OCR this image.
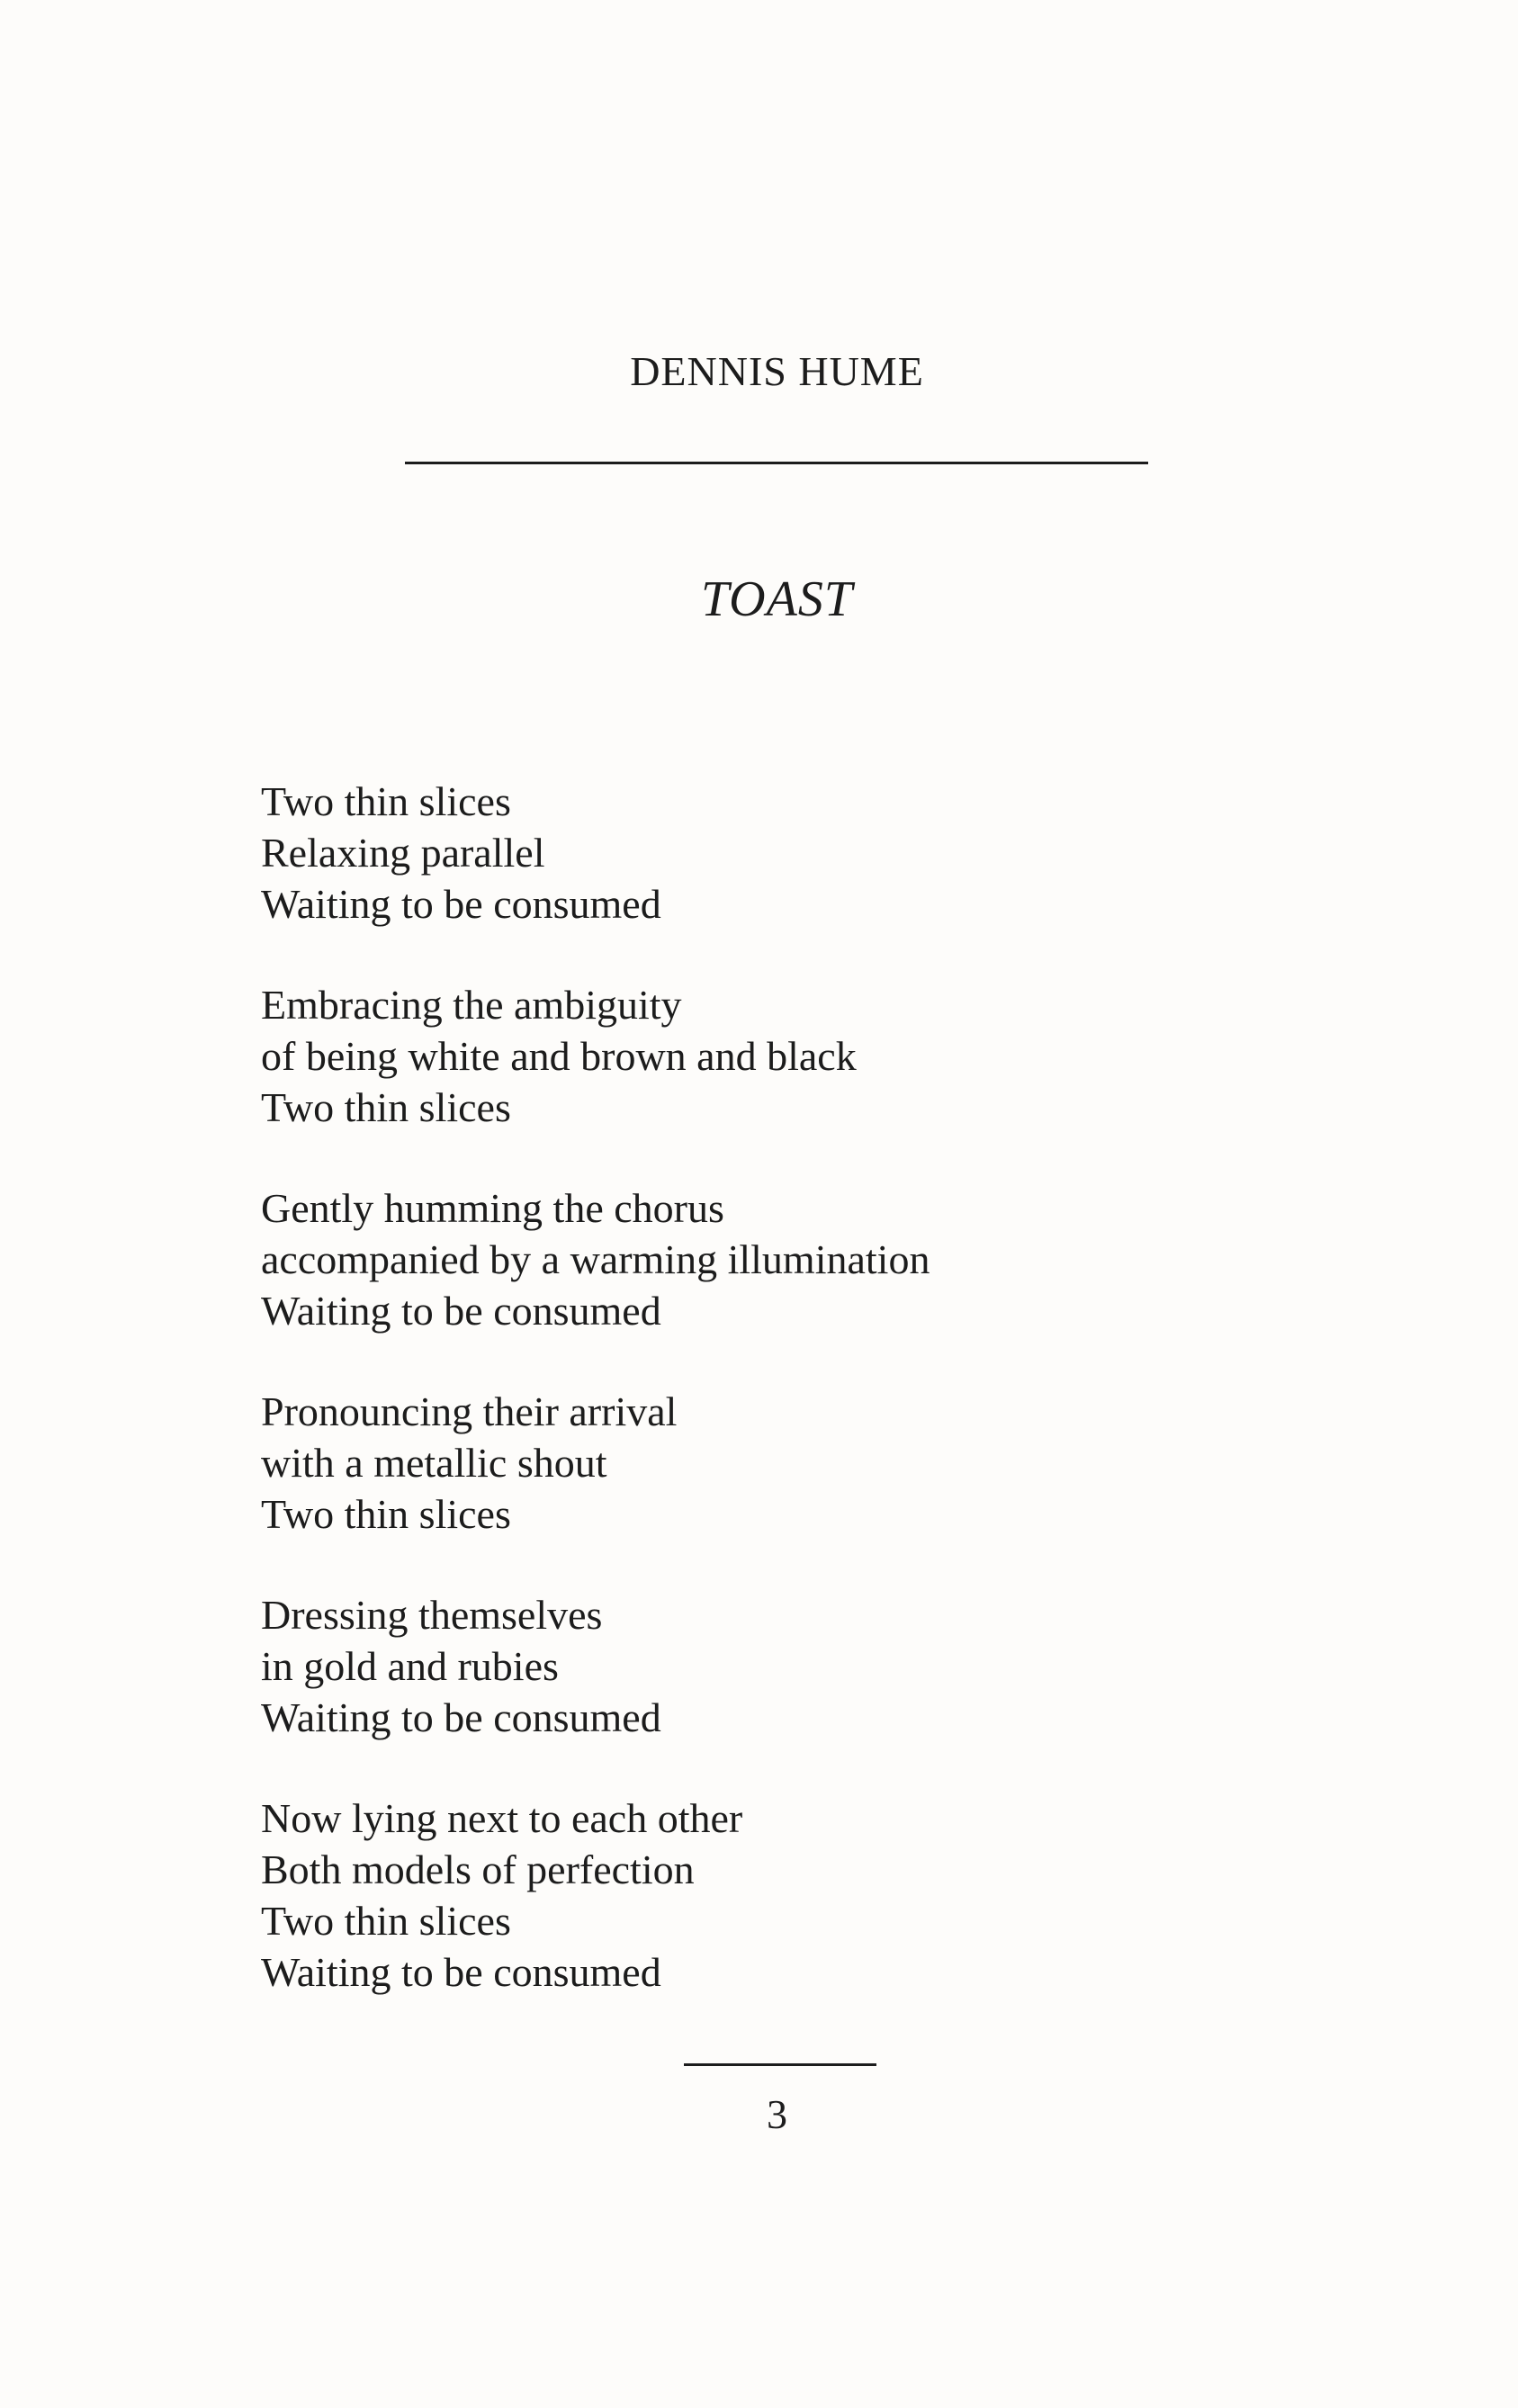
DENNIS HUME
TOAST
Two thin slices
Relaxing parallel
Waiting to be consumed
Embracing the ambiguity
of being white and brown and black
Two thin slices
Gently humming the chorus
accompanied by a warming illumination
Waiting to be consumed
Pronouncing their arrival
with a metallic shout
Two thin slices
Dressing themselves
in gold and rubies
Waiting to be consumed
Now lying next to each other
Both models of perfection
Two thin slices
Waiting to be consumed
3
